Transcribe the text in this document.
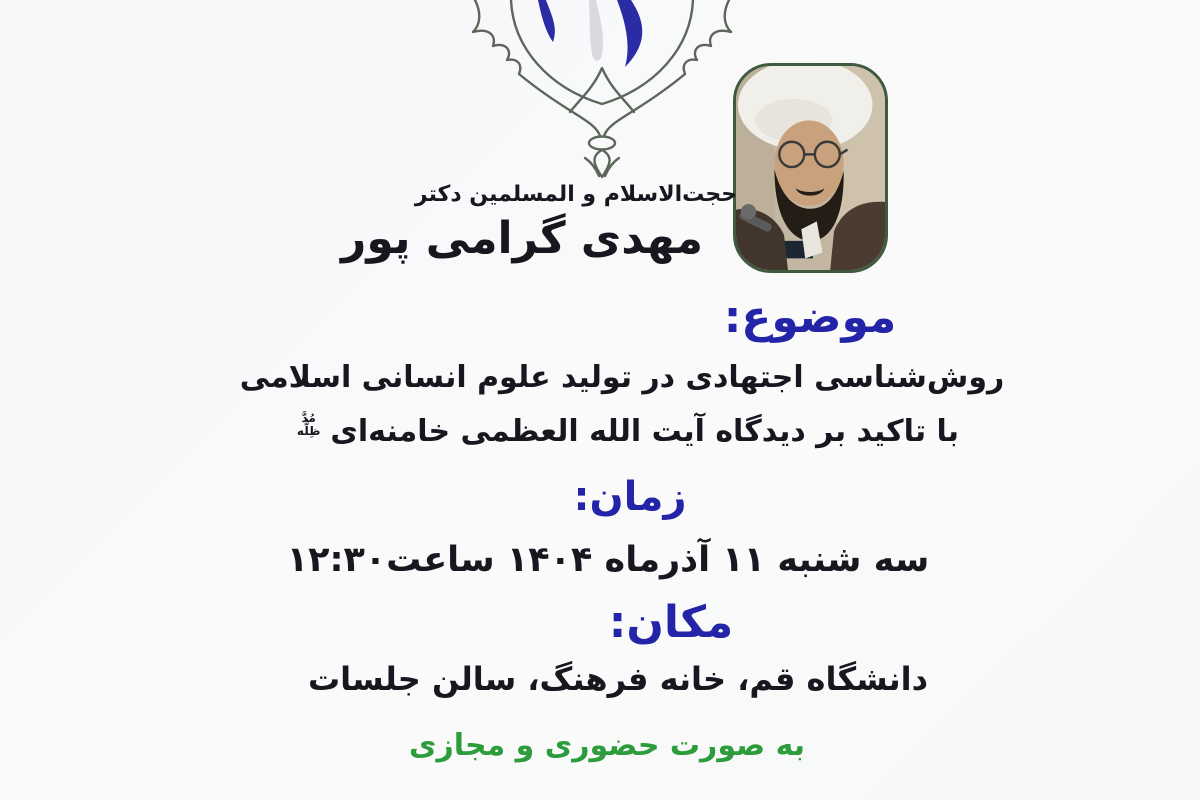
حجت‌الاسلام و المسلمین دکتر
مهدی گرامی پور
موضوع:
روش‌شناسی اجتهادی در تولید علوم انسانی اسلامی
با تاکید بر دیدگاه آیت الله العظمی خامنه‌ای
مُدَّ
ظِلُّه
زمان:
سه شنبه ۱۱ آذرماه ۱۴۰۴ ساعت۱۲:۳۰
مکان:
دانشگاه قم، خانه فرهنگ، سالن جلسات
به صورت حضوری و مجازی
